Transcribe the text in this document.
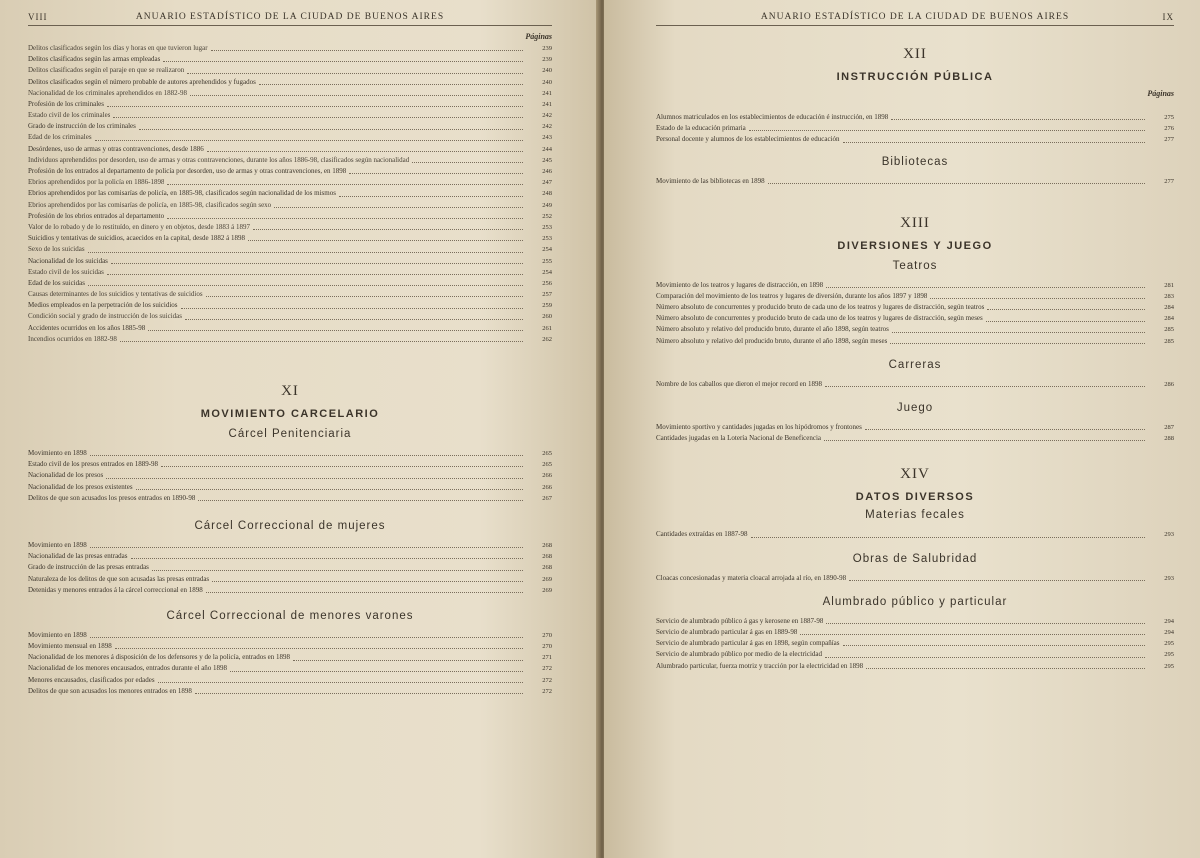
VIII	ANUARIO ESTADÍSTICO DE LA CIUDAD DE BUENOS AIRES
Páginas
Delitos clasificados según los días y horas en que tuvieron lugar	239
Delitos clasificados según las armas empleadas	239
Delitos clasificados según el paraje en que se realizaron	240
Delitos clasificados según el número probable de autores aprehendidos y fugados	240
Nacionalidad de los criminales aprehendidos en 1882-98	241
Profesión de los criminales	241
Estado civil de los criminales	242
Grado de instrucción de los criminales	242
Edad de los criminales	243
Desórdenes, uso de armas y otras contravenciones, desde 1886	244
Individuos aprehendidos por desorden, uso de armas y otras contravenciones, durante los años 1886-98, clasificados según nacionalidad	245
Profesión de los entrados al departamento de policía por desorden, uso de armas y otras contravenciones, en 1898	246
Ebrios aprehendidos por la policía en 1886-1898	247
Ebrios aprehendidos por las comisarías de policía, en 1885-98, clasificados según nacionalidad de los mismos	248
Ebrios aprehendidos por las comisarías de policía, en 1885-98, clasificados según sexo	249
Profesión de los ebrios entrados al departamento	252
Valor de lo robado y de lo restituído, en dinero y en objetos, desde 1883 á 1897	253
Suicidios y tentativas de suicidios, acaecidos en la capital, desde 1882 á 1898	253
Sexo de los suicidas	254
Nacionalidad de los suicidas	255
Estado civil de los suicidas	254
Edad de los suicidas	256
Causas determinantes de los suicidios y tentativas de suicidios	257
Medios empleados en la perpetración de los suicidios	259
Condición social y grado de instrucción de los suicidas	260
Accidentes ocurridos en los años 1885-98	261
Incendios ocurridos en 1882-98	262
XI
MOVIMIENTO CARCELARIO
Cárcel Penitenciaria
Movimiento en 1898	265
Estado civil de los presos entrados en 1889-98	265
Nacionalidad de los presos	266
Nacionalidad de los presos existentes	266
Delitos de que son acusados los presos entrados en 1890-98	267
Cárcel Correccional de mujeres
Movimiento en 1898	268
Nacionalidad de las presas entradas	268
Grado de instrucción de las presas entradas	268
Naturaleza de los delitos de que son acusadas las presas entradas	269
Detenidas y menores entrados á la cárcel correccional en 1898	269
Cárcel Correccional de menores varones
Movimiento en 1898	270
Movimiento mensual en 1898	270
Nacionalidad de los menores á disposición de los defensores y de la policía, entrados en 1898	271
Nacionalidad de los menores encausados, entrados durante el año 1898	272
Menores encausados, clasificados por edades	272
Delitos de que son acusados los menores entrados en 1898	272
ANUARIO ESTADÍSTICO DE LA CIUDAD DE BUENOS AIRES	IX
XII
INSTRUCCIÓN PÚBLICA
Páginas
Alumnos matriculados en los establecimientos de educación é instrucción, en 1898	275
Estado de la educación primaria	276
Personal docente y alumnos de los establecimientos de educación	277
Bibliotecas
Movimiento de las bibliotecas en 1898	277
XIII
DIVERSIONES Y JUEGO
Teatros
Movimiento de los teatros y lugares de distracción, en 1898	281
Comparación del movimiento de los teatros y lugares de diversión, durante los años 1897 y 1898	283
Número absoluto de concurrentes y producido bruto de cada uno de los teatros y lugares de distracción, según teatros	284
Número absoluto de concurrentes y producido bruto de cada uno de los teatros y lugares de distracción, según meses	284
Número absoluto y relativo del producido bruto, durante el año 1898, según teatros	285
Número absoluto y relativo del producido bruto, durante el año 1898, según meses	285
Carreras
Nombre de los caballos que dieron el mejor record en 1898	286
Juego
Movimiento sportivo y cantidades jugadas en los hipódromos y frontones	287
Cantidades jugadas en la Lotería Nacional de Beneficencia	288
XIV
DATOS DIVERSOS
Materias fecales
Cantidades extraídas en 1887-98	293
Obras de Salubridad
Cloacas concesionadas y materia cloacal arrojada al río, en 1890-98	293
Alumbrado público y particular
Servicio de alumbrado público á gas y kerosene en 1887-98	294
Servicio de alumbrado particular á gas en 1889-98	294
Servicio de alumbrado particular á gas en 1898, según compañías	295
Servicio de alumbrado público por medio de la electricidad	295
Alumbrado particular, fuerza motriz y tracción por la electricidad en 1898	295
